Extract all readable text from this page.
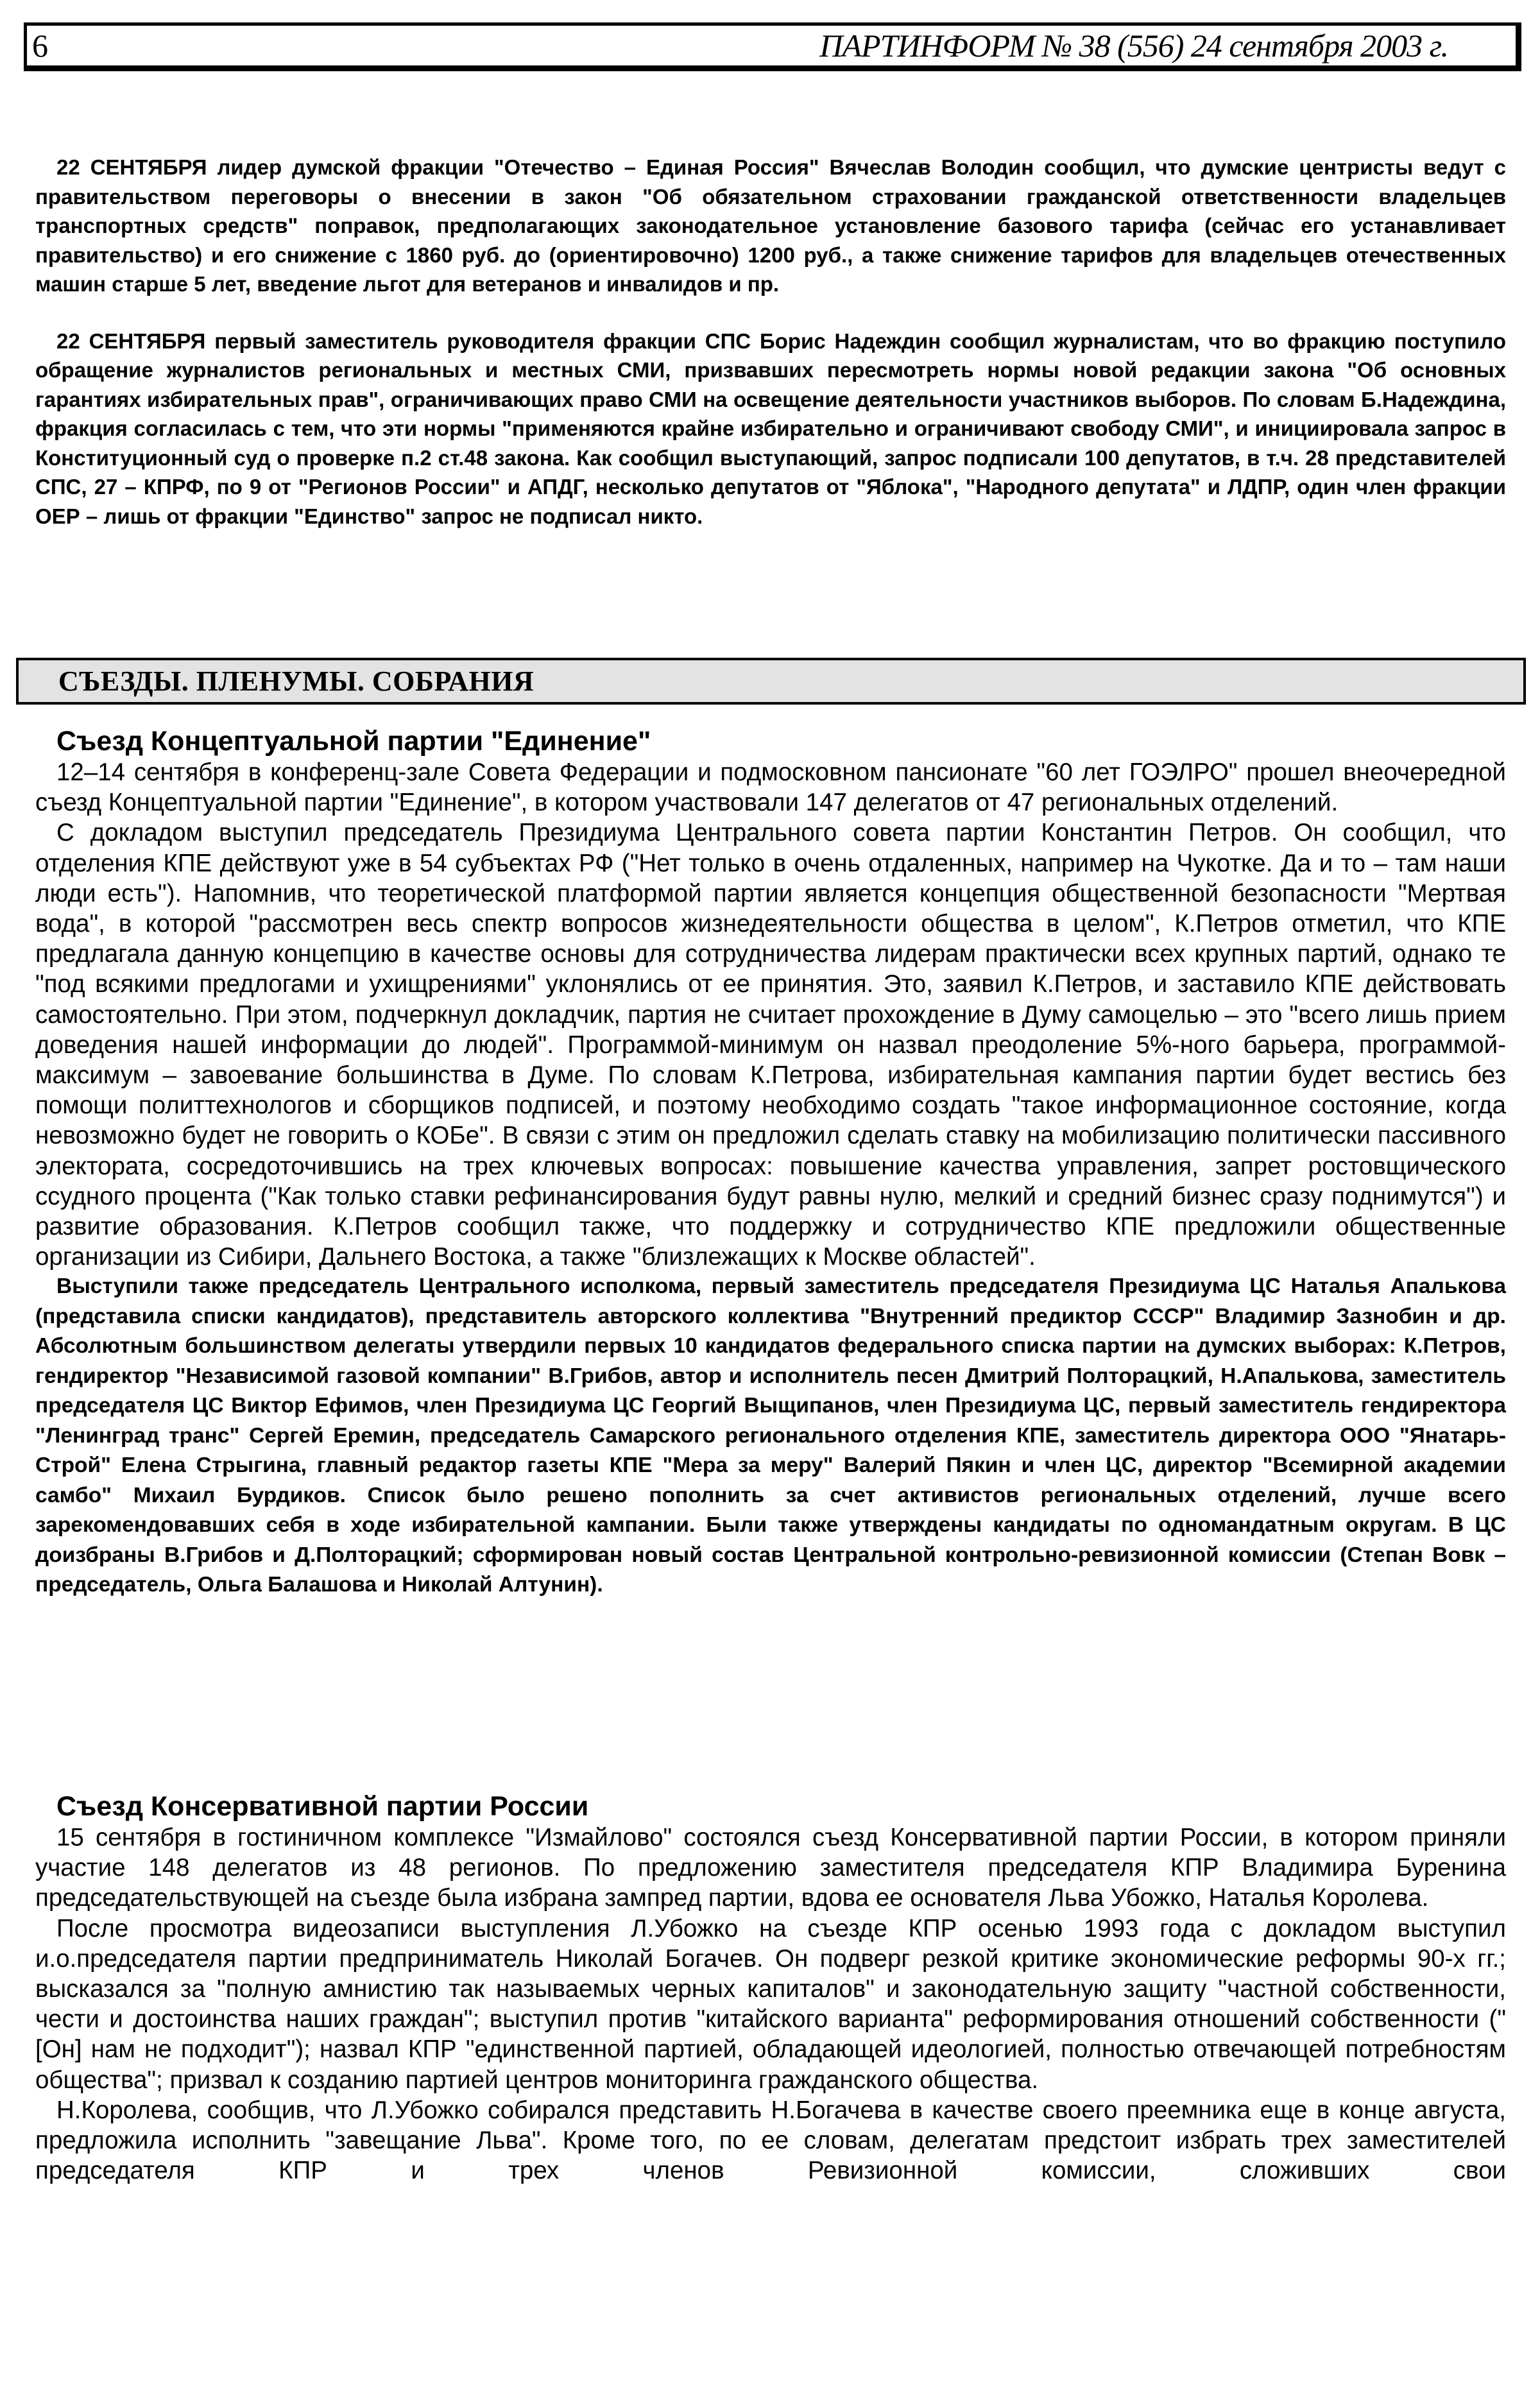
6	ПАРТИНФОРМ № 38 (556) 24 сентября 2003 г.

22 СЕНТЯБРЯ лидер думской фракции "Отечество – Единая Россия" Вячеслав Володин сообщил, что думские центристы ведут с правительством переговоры о внесении в закон "Об обязательном страховании гражданской ответственности владельцев транспортных средств" поправок, предполагающих законодательное установление базового тарифа (сейчас его устанавливает правительство) и его снижение с 1860 руб. до (ориентировочно) 1200 руб., а также снижение тарифов для владельцев отечественных машин старше 5 лет, введение льгот для ветеранов и инвалидов и пр.

22 СЕНТЯБРЯ первый заместитель руководителя фракции СПС Борис Надеждин сообщил журналистам, что во фракцию поступило обращение журналистов региональных и местных СМИ, призвавших пересмотреть нормы новой редакции закона "Об основных гарантиях избирательных прав", ограничивающих право СМИ на освещение деятельности участников выборов. По словам Б.Надеждина, фракция согласилась с тем, что эти нормы "применяются крайне избирательно и ограничивают свободу СМИ", и инициировала запрос в Конституционный суд о проверке п.2 ст.48 закона. Как сообщил выступающий, запрос подписали 100 депутатов, в т.ч. 28 представителей СПС, 27 – КПРФ, по 9 от "Регионов России" и АПДГ, несколько депутатов от "Яблока", "Народного депутата" и ЛДПР, один член фракции ОЕР – лишь от фракции "Единство" запрос не подписал никто.

СЪЕЗДЫ. ПЛЕНУМЫ. СОБРАНИЯ
Съезд Концептуальной партии "Единение"

12–14 сентября в конференц-зале Совета Федерации и подмосковном пансионате "60 лет ГОЭЛРО" прошел внеочередной съезд Концептуальной партии "Единение", в котором участвовали 147 делегатов от 47 региональных отделений.

С докладом выступил председатель Президиума Центрального совета партии Константин Петров. Он сообщил, что отделения КПЕ действуют уже в 54 субъектах РФ ("Нет только в очень отдаленных, например на Чукотке. Да и то – там наши люди есть"). Напомнив, что теоретической платформой партии является концепция общественной безопасности "Мертвая вода", в которой "рассмотрен весь спектр вопросов жизнедеятельности общества в целом", К.Петров отметил, что КПЕ предлагала данную концепцию в качестве основы для сотрудничества лидерам практически всех крупных партий, однако те "под всякими предлогами и ухищрениями" уклонялись от ее принятия. Это, заявил К.Петров, и заставило КПЕ действовать самостоятельно. При этом, подчеркнул докладчик, партия не считает прохождение в Думу самоцелью – это "всего лишь прием доведения нашей информации до людей". Программой-минимум он назвал преодоление 5%-ного барьера, программой-максимум – завоевание большинства в Думе. По словам К.Петрова, избирательная кампания партии будет вестись без помощи политтехнологов и сборщиков подписей, и поэтому необходимо создать "такое информационное состояние, когда невозможно будет не говорить о КОБе". В связи с этим он предложил сделать ставку на мобилизацию политически пассивного электората, сосредоточившись на трех ключевых вопросах: повышение качества управления, запрет ростовщического ссудного процента ("Как только ставки рефинансирования будут равны нулю, мелкий и средний бизнес сразу поднимутся") и развитие образования. К.Петров сообщил также, что поддержку и сотрудничество КПЕ предложили общественные организации из Сибири, Дальнего Востока, а также "близлежащих к Москве областей".

Выступили также председатель Центрального исполкома, первый заместитель председателя Президиума ЦС Наталья Апалькова (представила списки кандидатов), представитель авторского коллектива "Внутренний предиктор СССР" Владимир Зазнобин и др. Абсолютным большинством делегаты утвердили первых 10 кандидатов федерального списка партии на думских выборах: К.Петров, гендиректор "Независимой газовой компании" В.Грибов, автор и исполнитель песен Дмитрий Полторацкий, Н.Апалькова, заместитель председателя ЦС Виктор Ефимов, член Президиума ЦС Георгий Выщипанов, член Президиума ЦС, первый заместитель гендиректора "Ленинград транс" Сергей Еремин, председатель Самарского регионального отделения КПЕ, заместитель директора ООО "Янатарь-Строй" Елена Стрыгина, главный редактор газеты КПЕ "Мера за меру" Валерий Пякин и член ЦС, директор "Всемирной академии самбо" Михаил Бурдиков. Список было решено пополнить за счет активистов региональных отделений, лучше всего зарекомендовавших себя в ходе избирательной кампании. Были также утверждены кандидаты по одномандатным округам. В ЦС доизбраны В.Грибов и Д.Полторацкий; сформирован новый состав Центральной контрольно-ревизионной комиссии (Степан Вовк – председатель, Ольга Балашова и Николай Алтунин).

Съезд Консервативной партии России

15 сентября в гостиничном комплексе "Измайлово" состоялся съезд Консервативной партии России, в котором приняли участие 148 делегатов из 48 регионов. По предложению заместителя председателя КПР Владимира Буренина председательствующей на съезде была избрана зампред партии, вдова ее основателя Льва Убожко, Наталья Королева.

После просмотра видеозаписи выступления Л.Убожко на съезде КПР осенью 1993 года с докладом выступил и.о.председателя партии предприниматель Николай Богачев. Он подверг резкой критике экономические реформы 90-х гг.; высказался за "полную амнистию так называемых черных капиталов" и законодательную защиту "частной собственности, чести и достоинства наших граждан"; выступил против "китайского варианта" реформирования отношений собственности ("[Он] нам не подходит"); назвал КПР "единственной партией, обладающей идеологией, полностью отвечающей потребностям общества"; призвал к созданию партией центров мониторинга гражданского общества.

Н.Королева, сообщив, что Л.Убожко собирался представить Н.Богачева в качестве своего преемника еще в конце августа, предложила исполнить "завещание Льва". Кроме того, по ее словам, делегатам предстоит избрать трех заместителей председателя КПР и трех членов Ревизионной комиссии, сложивших свои
